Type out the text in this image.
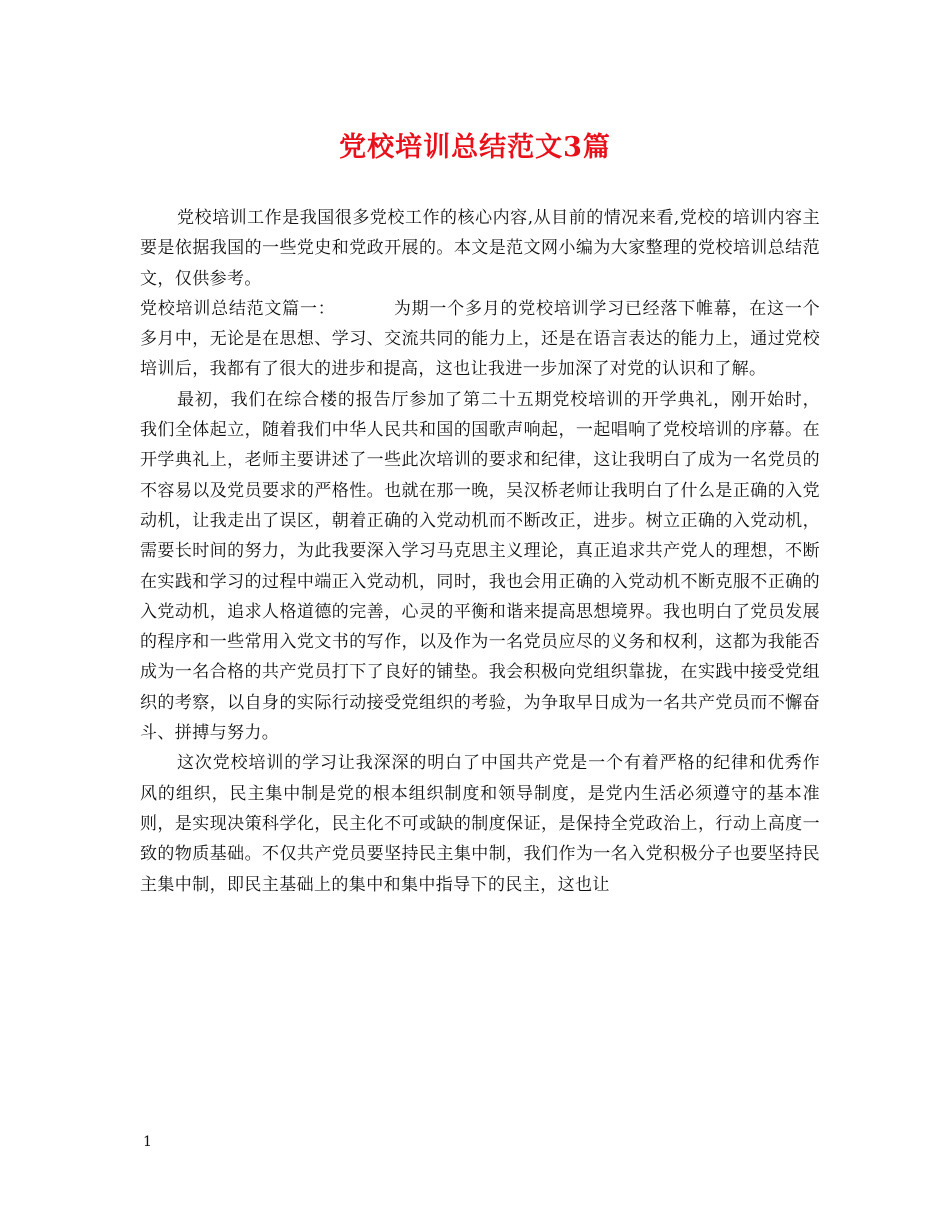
党校培训总结范文3篇

党校培训工作是我国很多党校工作的核心内容,从目前的情况来看,党校的培训内容主要是依据我国的一些党史和党政开展的。本文是范文网小编为大家整理的党校培训总结范文，仅供参考。

党校培训总结范文篇一：	为期一个多月的党校培训学习已经落下帷幕，在这一个多月中，无论是在思想、学习、交流共同的能力上，还是在语言表达的能力上，通过党校培训后，我都有了很大的进步和提高，这也让我进一步加深了对党的认识和了解。

最初，我们在综合楼的报告厅参加了第二十五期党校培训的开学典礼，刚开始时，我们全体起立，随着我们中华人民共和国的国歌声响起，一起唱响了党校培训的序幕。在开学典礼上，老师主要讲述了一些此次培训的要求和纪律，这让我明白了成为一名党员的不容易以及党员要求的严格性。也就在那一晚，吴汉桥老师让我明白了什么是正确的入党动机，让我走出了误区，朝着正确的入党动机而不断改正，进步。树立正确的入党动机，需要长时间的努力，为此我要深入学习马克思主义理论，真正追求共产党人的理想，不断在实践和学习的过程中端正入党动机，同时，我也会用正确的入党动机不断克服不正确的入党动机，追求人格道德的完善，心灵的平衡和谐来提高思想境界。我也明白了党员发展的程序和一些常用入党文书的写作，以及作为一名党员应尽的义务和权利，这都为我能否成为一名合格的共产党员打下了良好的铺垫。我会积极向党组织靠拢，在实践中接受党组织的考察，以自身的实际行动接受党组织的考验，为争取早日成为一名共产党员而不懈奋斗、拼搏与努力。

这次党校培训的学习让我深深的明白了中国共产党是一个有着严格的纪律和优秀作风的组织，民主集中制是党的根本组织制度和领导制度，是党内生活必须遵守的基本准则，是实现决策科学化，民主化不可或缺的制度保证，是保持全党政治上，行动上高度一致的物质基础。不仅共产党员要坚持民主集中制，我们作为一名入党积极分子也要坚持民主集中制，即民主基础上的集中和集中指导下的民主，这也让

1
